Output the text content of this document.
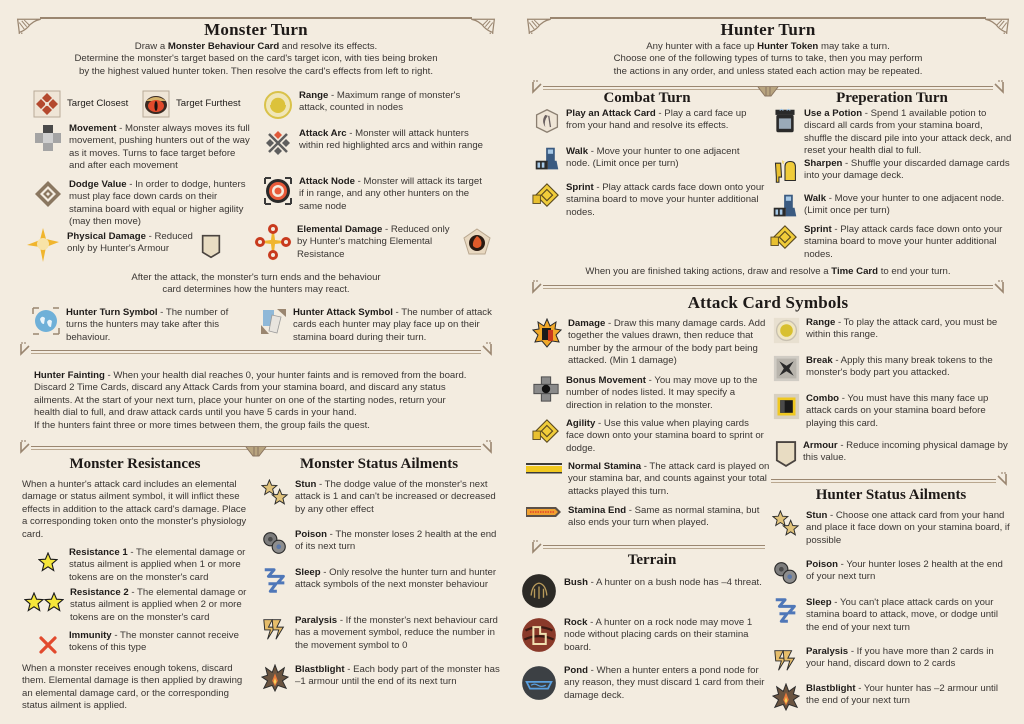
Monster Turn
Draw a Monster Behaviour Card and resolve its effects.
Determine the monster's target based on the card's target icon, with ties being broken
by the highest valued hunter token. Then resolve the card's effects from left to right.
Target Closest	Target Furthest
Range - Maximum range of monster's attack, counted in nodes
Movement - Monster always moves its full movement, pushing hunters out of the way as it moves. Turns to face target before and after each movement
Attack Arc - Monster will attack hunters within red highlighted arcs and within range
Dodge Value - In order to dodge, hunters must play face down cards on their stamina board with equal or higher agility (may then move)
Attack Node - Monster will attack its target if in range, and any other hunters on the same node
Physical Damage - Reduced only by Hunter's Armour
Elemental Damage - Reduced only by Hunter's matching Elemental Resistance
After the attack, the monster's turn ends and the behaviour
card determines how the hunters may react.
Hunter Turn Symbol - The number of turns the hunters may take after this behaviour.
Hunter Attack Symbol - The number of attack cards each hunter may play face up on their stamina board during their turn.
Hunter Fainting - When your health dial reaches 0, your hunter faints and is removed from the board. Discard 2 Time Cards, discard any Attack Cards from your stamina board, and discard any status ailments. At the start of your next turn, place your hunter on one of the starting nodes, return your health dial to full, and draw attack cards until you have 5 cards in your hand.
If the hunters faint three or more times between them, the group fails the quest.
Monster Resistances
When a hunter's attack card includes an elemental damage or status ailment symbol, it will inflict these effects in addition to the attack card's damage. Place a corresponding token onto the monster's physiology card.
Resistance 1 - The elemental damage or status ailment is applied when 1 or more tokens are on the monster's card
Resistance 2 - The elemental damage or status ailment is applied when 2 or more tokens are on the monster's card
Immunity - The monster cannot receive tokens of this type
When a monster receives enough tokens, discard them. Elemental damage is then applied by drawing an elemental damage card, or the corresponding status ailment is applied.
Monster Status Ailments
Stun - The dodge value of the monster's next attack is 1 and can't be increased or decreased by any other effect
Poison - The monster loses 2 health at the end of its next turn
Sleep - Only resolve the hunter turn and hunter attack symbols of the next monster behaviour
Paralysis - If the monster's next behaviour card has a movement symbol, reduce the number in the movement symbol to 0
Blastblight - Each body part of the monster has –1 armour until the end of its next turn
Hunter Turn
Any hunter with a face up Hunter Token may take a turn.
Choose one of the following types of turns to take, then you may perform
the actions in any order, and unless stated each action may be repeated.
Combat Turn
Play an Attack Card - Play a card face up from your hand and resolve its effects.
Walk - Move your hunter to one adjacent node. (Limit once per turn)
Sprint - Play attack cards face down onto your stamina board to move your hunter additional nodes.
Preperation Turn
Use a Potion - Spend 1 available potion to discard all cards from your stamina board, shuffle the discard pile into your attack deck, and reset your health dial to full.
Sharpen - Shuffle your discarded damage cards into your damage deck.
Walk - Move your hunter to one adjacent node. (Limit once per turn)
Sprint - Play attack cards face down onto your stamina board to move your hunter additional nodes.
When you are finished taking actions, draw and resolve a Time Card to end your turn.
Attack Card Symbols
Damage - Draw this many damage cards. Add together the values drawn, then reduce that number by the armour of the body part being attacked. (Min 1 damage)
Bonus Movement - You may move up to the number of nodes listed. It may specify a direction in relation to the monster.
Agility - Use this value when playing cards face down onto your stamina board to sprint or dodge.
Normal Stamina - The attack card is played on your stamina bar, and counts against your total attacks played this turn.
Stamina End - Same as normal stamina, but also ends your turn when played.
Range - To play the attack card, you must be within this range.
Break - Apply this many break tokens to the monster's body part you attacked.
Combo - You must have this many face up attack cards on your stamina board before playing this card.
Armour - Reduce incoming physical damage by this value.
Hunter Status Ailments
Stun - Choose one attack card from your hand and place it face down on your stamina board, if possible
Poison - Your hunter loses 2 health at the end of your next turn
Sleep - You can't place attack cards on your stamina board to attack, move, or dodge until the end of your next turn
Paralysis - If you have more than 2 cards in your hand, discard down to 2 cards
Blastblight - Your hunter has –2 armour until the end of your next turn
Terrain
Bush - A hunter on a bush node has –4 threat.
Rock - A hunter on a rock node may move 1 node without placing cards on their stamina board.
Pond - When a hunter enters a pond node for any reason, they must discard 1 card from their damage deck.
